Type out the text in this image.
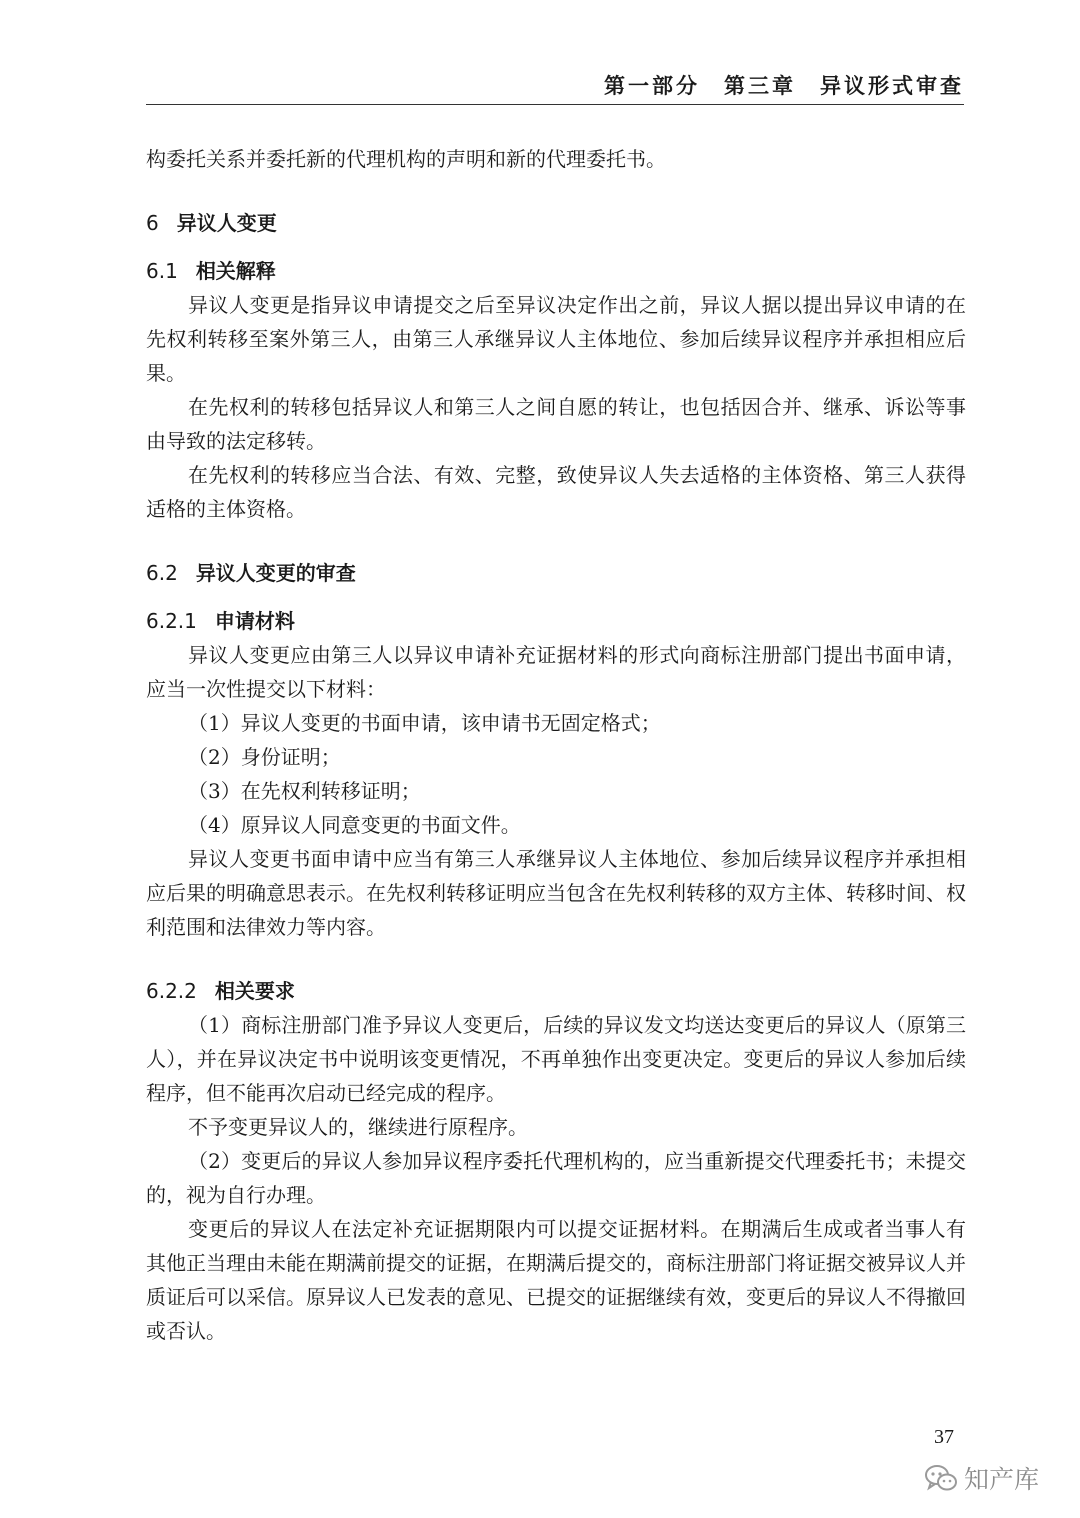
第一部分　第三章　异议形式审查

构委托关系并委托新的代理机构的声明和新的代理委托书。

6 异议人变更

6.1 相关解释

异议人变更是指异议申请提交之后至异议决定作出之前，异议人据以提出异议申请的在先权利转移至案外第三人，由第三人承继异议人主体地位、参加后续异议程序并承担相应后果。

在先权利的转移包括异议人和第三人之间自愿的转让，也包括因合并、继承、诉讼等事由导致的法定移转。

在先权利的转移应当合法、有效、完整，致使异议人失去适格的主体资格、第三人获得适格的主体资格。

6.2 异议人变更的审查

6.2.1 申请材料

异议人变更应由第三人以异议申请补充证据材料的形式向商标注册部门提出书面申请，应当一次性提交以下材料：

（1）异议人变更的书面申请，该申请书无固定格式；

（2）身份证明；

（3）在先权利转移证明；

（4）原异议人同意变更的书面文件。

异议人变更书面申请中应当有第三人承继异议人主体地位、参加后续异议程序并承担相应后果的明确意思表示。在先权利转移证明应当包含在先权利转移的双方主体、转移时间、权利范围和法律效力等内容。

6.2.2 相关要求

（1）商标注册部门准予异议人变更后，后续的异议发文均送达变更后的异议人（原第三人），并在异议决定书中说明该变更情况，不再单独作出变更决定。变更后的异议人参加后续程序，但不能再次启动已经完成的程序。

不予变更异议人的，继续进行原程序。

（2）变更后的异议人参加异议程序委托代理机构的，应当重新提交代理委托书；未提交的，视为自行办理。

变更后的异议人在法定补充证据期限内可以提交证据材料。在期满后生成或者当事人有其他正当理由未能在期满前提交的证据，在期满后提交的，商标注册部门将证据交被异议人并质证后可以采信。原异议人已发表的意见、已提交的证据继续有效，变更后的异议人不得撤回或否认。

37
知产库
